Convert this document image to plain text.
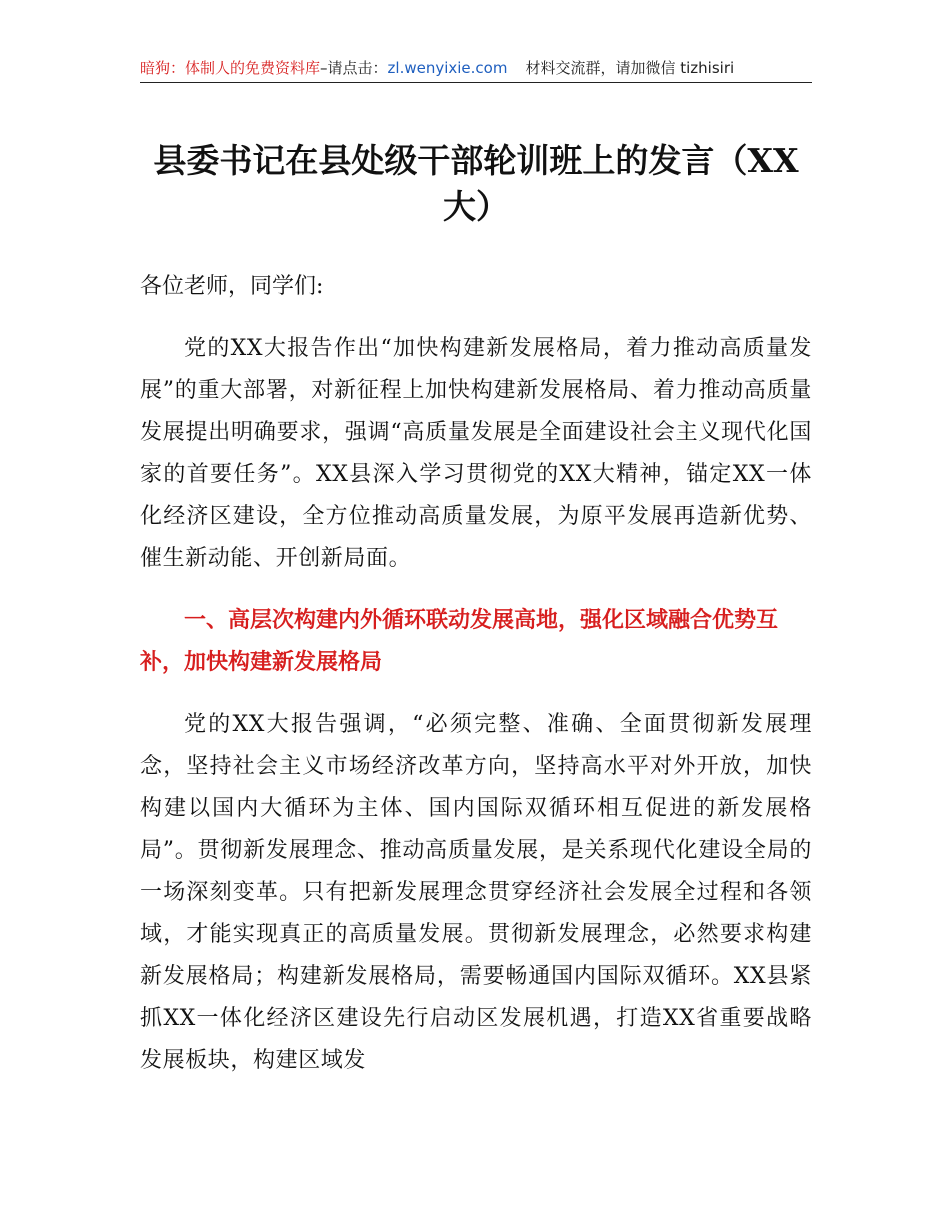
暗狗：体制人的免费资料库–请点击：zl.wenyixie.com 材料交流群，请加微信 tizhisiri
县委书记在县处级干部轮训班上的发言（XX大）

各位老师，同学们:

党的XX大报告作出“加快构建新发展格局，着力推动高质量发展”的重大部署，对新征程上加快构建新发展格局、着力推动高质量发展提出明确要求，强调“高质量发展是全面建设社会主义现代化国家的首要任务”。XX县深入学习贯彻党的XX大精神，锚定XX一体化经济区建设，全方位推动高质量发展，为原平发展再造新优势、催生新动能、开创新局面。

一、高层次构建内外循环联动发展高地，强化区域融合优势互补，加快构建新发展格局

党的XX大报告强调，“必须完整、准确、全面贯彻新发展理念，坚持社会主义市场经济改革方向，坚持高水平对外开放，加快构建以国内大循环为主体、国内国际双循环相互促进的新发展格局”。贯彻新发展理念、推动高质量发展，是关系现代化建设全局的一场深刻变革。只有把新发展理念贯穿经济社会发展全过程和各领域，才能实现真正的高质量发展。贯彻新发展理念，必然要求构建新发展格局；构建新发展格局，需要畅通国内国际双循环。XX县紧抓XX一体化经济区建设先行启动区发展机遇，打造XX省重要战略发展板块，构建区域发
